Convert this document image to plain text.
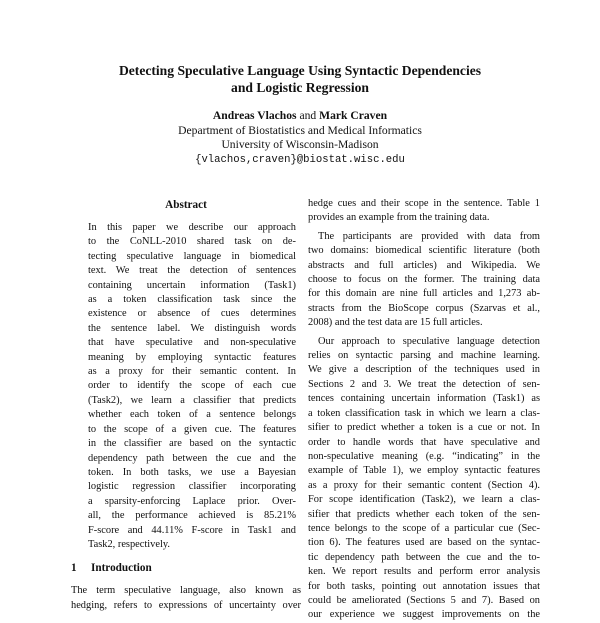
Detecting Speculative Language Using Syntactic Dependencies
and Logistic Regression
Andreas Vlachos and Mark Craven
Department of Biostatistics and Medical Informatics
University of Wisconsin-Madison
{vlachos,craven}@biostat.wisc.edu
Abstract
In this paper we describe our approach
to the CoNLL-2010 shared task on de-
tecting speculative language in biomedical
text. We treat the detection of sentences
containing uncertain information (Task1)
as a token classification task since the
existence or absence of cues determines
the sentence label. We distinguish words
that have speculative and non-speculative
meaning by employing syntactic features
as a proxy for their semantic content. In
order to identify the scope of each cue
(Task2), we learn a classifier that predicts
whether each token of a sentence belongs
to the scope of a given cue. The features
in the classifier are based on the syntactic
dependency path between the cue and the
token. In both tasks, we use a Bayesian
logistic regression classifier incorporating
a sparsity-enforcing Laplace prior. Over-
all, the performance achieved is 85.21%
F-score and 44.11% F-score in Task1 and
Task2, respectively.
1 Introduction
The term speculative language, also known as
hedging, refers to expressions of uncertainty over
hedge cues and their scope in the sentence. Table 1
provides an example from the training data.
The participants are provided with data from
two domains: biomedical scientific literature (both
abstracts and full articles) and Wikipedia. We
choose to focus on the former. The training data
for this domain are nine full articles and 1,273 ab-
stracts from the BioScope corpus (Szarvas et al.,
2008) and the test data are 15 full articles.
Our approach to speculative language detection
relies on syntactic parsing and machine learning.
We give a description of the techniques used in
Sections 2 and 3. We treat the detection of sen-
tences containing uncertain information (Task1) as
a token classification task in which we learn a clas-
sifier to predict whether a token is a cue or not. In
order to handle words that have speculative and
non-speculative meaning (e.g. “indicating” in the
example of Table 1), we employ syntactic features
as a proxy for their semantic content (Section 4).
For scope identification (Task2), we learn a clas-
sifier that predicts whether each token of the sen-
tence belongs to the scope of a particular cue (Sec-
tion 6). The features used are based on the syntac-
tic dependency path between the cue and the to-
ken. We report results and perform error analysis
for both tasks, pointing out annotation issues that
could be ameliorated (Sections 5 and 7). Based on
our experience we suggest improvements on the
